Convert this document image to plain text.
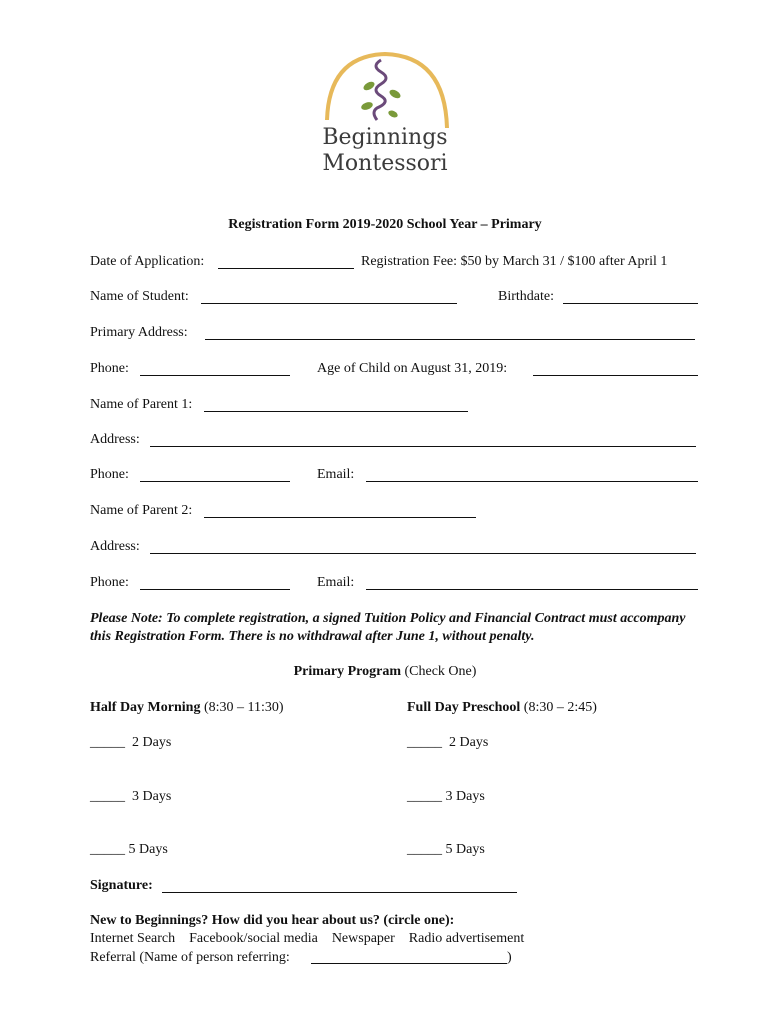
Beginnings
Montessori
Registration Form 2019-2020 School Year – Primary
Date of Application:	Registration Fee: $50 by March 31 / $100 after April 1
Name of Student:	Birthdate:
Primary Address:
Phone:	Age of Child on August 31, 2019:
Name of Parent 1:
Address:
Phone:	Email:
Name of Parent 2:
Address:
Phone:	Email:
Please Note: To complete registration, a signed Tuition Policy and Financial Contract must accompany this Registration Form. There is no withdrawal after June 1, without penalty.
Primary Program (Check One)
Half Day Morning (8:30 – 11:30)	Full Day Preschool (8:30 – 2:45)
_____ 2 Days	_____ 2 Days
_____ 3 Days	_____ 3 Days
_____ 5 Days	_____ 5 Days
Signature:
New to Beginnings? How did you hear about us? (circle one):
Internet Search Facebook/social media Newspaper Radio advertisement
Referral (Name of person referring:	)
